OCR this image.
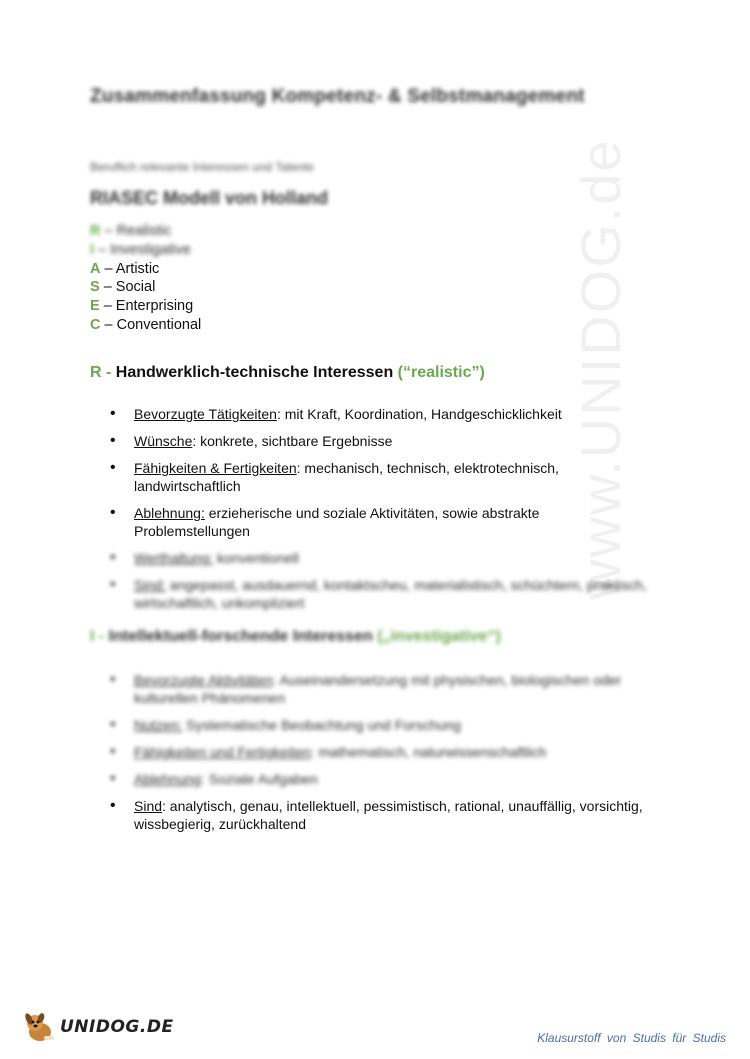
www.UNIDOG.de
Zusammenfassung Kompetenz- & Selbstmanagement

Beruflich relevante Interessen und Talente

RIASEC Modell von Holland
R – Realistic
I – Investigative
A – Artistic
S – Social
E – Enterprising
C – Conventional
R - Handwerklich-technische Interessen (“realistic”)
• Bevorzugte Tätigkeiten: mit Kraft, Koordination, Handgeschicklichkeit
• Wünsche: konkrete, sichtbare Ergebnisse
• Fähigkeiten & Fertigkeiten: mechanisch, technisch, elektrotechnisch, landwirtschaftlich
• Ablehnung: erzieherische und soziale Aktivitäten, sowie abstrakte Problemstellungen
• Werthaltung: konventionell
• Sind: angepasst, ausdauernd, kontaktscheu, materialistisch, schüchtern, praktisch, wirtschaftlich, unkompliziert
I - Intellektuell-forschende Interessen („investigative“)
• Bevorzugte Aktivitäten: Auseinandersetzung mit physischen, biologischen oder kulturellen Phänomenen
• Nutzen: Systematische Beobachtung und Forschung
• Fähigkeiten und Fertigkeiten: mathematisch, naturwissenschaftlich
• Ablehnung: Soziale Aufgaben
• Sind: analytisch, genau, intellektuell, pessimistisch, rational, unauffällig, vorsichtig, wissbegierig, zurückhaltend
UNIDOG.DE
Klausurstoff von Studis für Studis
